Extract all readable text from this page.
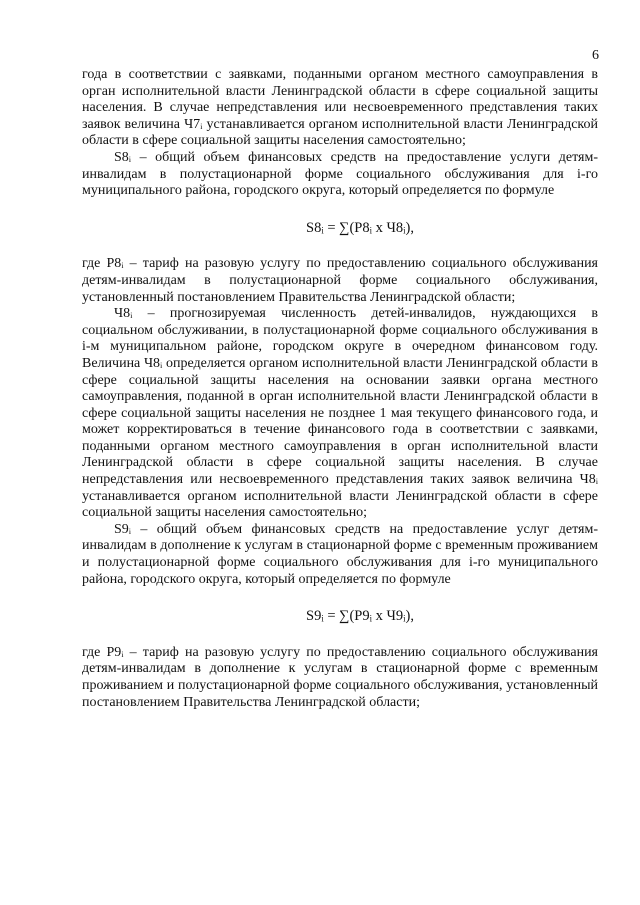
6

года в соответствии с заявками, поданными органом местного самоуправления в орган исполнительной власти Ленинградской области в сфере социальной защиты населения. В случае непредставления или несвоевременного представления таких заявок величина Ч7ᵢ устанавливается органом исполнительной власти Ленинградской области в сфере социальной защиты населения самостоятельно;

S8ᵢ – общий объем финансовых средств на предоставление услуги детям-инвалидам в полустационарной форме социального обслуживания для i-го муниципального района, городского округа, который определяется по формуле

S8ᵢ = ∑(Р8ᵢ х Ч8ᵢ),

где Р8ᵢ – тариф на разовую услугу по предоставлению социального обслуживания детям-инвалидам в полустационарной форме социального обслуживания, установленный постановлением Правительства Ленинградской области;

Ч8ᵢ – прогнозируемая численность детей-инвалидов, нуждающихся в социальном обслуживании, в полустационарной форме социального обслуживания в i-м муниципальном районе, городском округе в очередном финансовом году. Величина Ч8ᵢ определяется органом исполнительной власти Ленинградской области в сфере социальной защиты населения на основании заявки органа местного самоуправления, поданной в орган исполнительной власти Ленинградской области в сфере социальной защиты населения не позднее 1 мая текущего финансового года, и может корректироваться в течение финансового года в соответствии с заявками, поданными органом местного самоуправления в орган исполнительной власти Ленинградской области в сфере социальной защиты населения. В случае непредставления или несвоевременного представления таких заявок величина Ч8ᵢ устанавливается органом исполнительной власти Ленинградской области в сфере социальной защиты населения самостоятельно;

S9ᵢ – общий объем финансовых средств на предоставление услуг детям-инвалидам в дополнение к услугам в стационарной форме с временным проживанием и полустационарной форме социального обслуживания для i-го муниципального района, городского округа, который определяется по формуле

S9ᵢ = ∑(Р9ᵢ х Ч9ᵢ),

где Р9ᵢ – тариф на разовую услугу по предоставлению социального обслуживания детям-инвалидам в дополнение к услугам в стационарной форме с временным проживанием и полустационарной форме социального обслуживания, установленный постановлением Правительства Ленинградской области;
